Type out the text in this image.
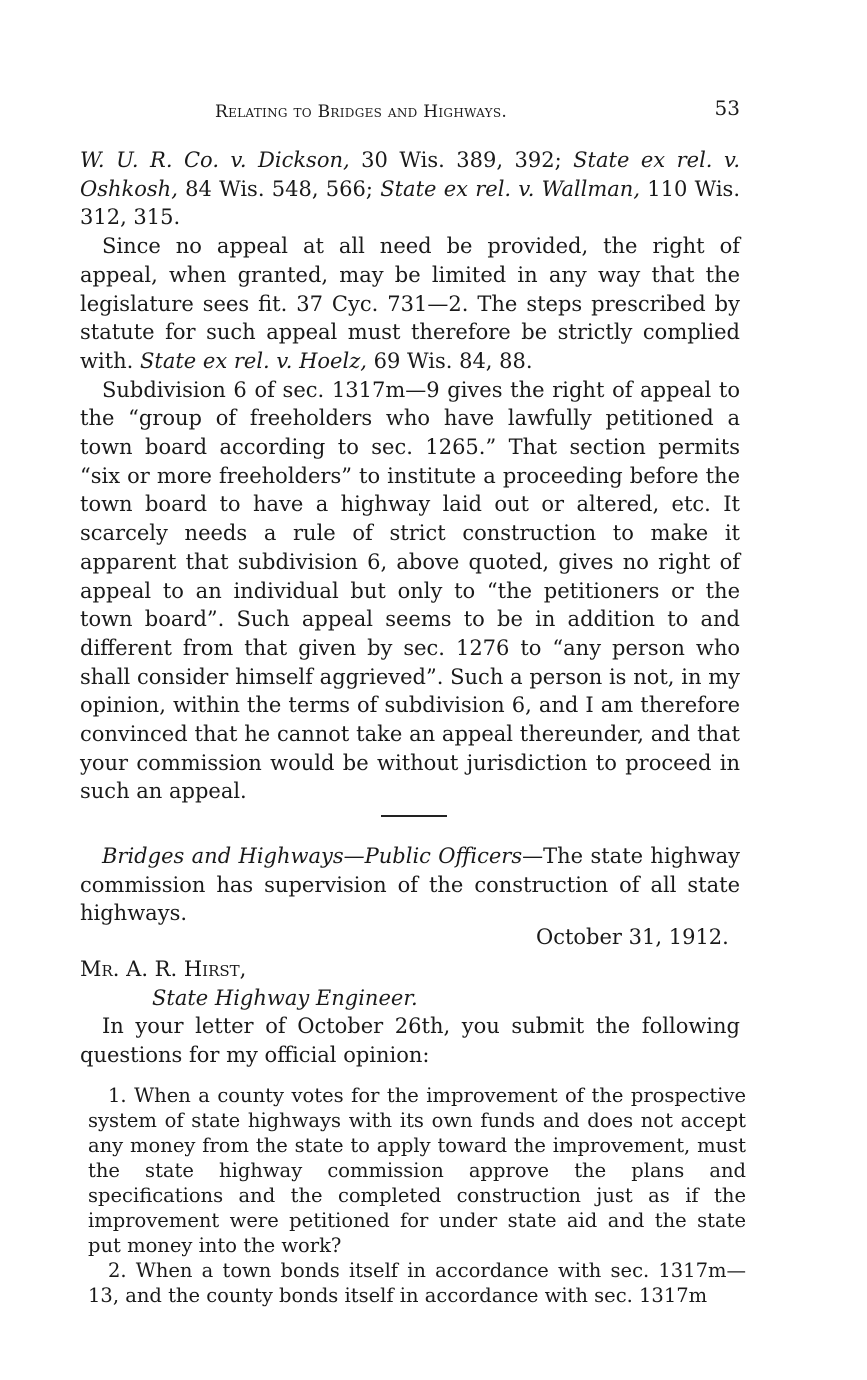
Relating to Bridges and Highways.	53

W. U. R. Co. v. Dickson, 30 Wis. 389, 392; State ex rel. v. Oshkosh, 84 Wis. 548, 566; State ex rel. v. Wallman, 110 Wis. 312, 315.

Since no appeal at all need be provided, the right of appeal, when granted, may be limited in any way that the legislature sees fit. 37 Cyc. 731—2. The steps prescribed by statute for such appeal must therefore be strictly complied with. State ex rel. v. Hoelz, 69 Wis. 84, 88.

Subdivision 6 of sec. 1317m—9 gives the right of appeal to the “group of freeholders who have lawfully petitioned a town board according to sec. 1265.” That section permits “six or more freeholders” to institute a proceeding before the town board to have a highway laid out or altered, etc. It scarcely needs a rule of strict construction to make it apparent that subdivision 6, above quoted, gives no right of appeal to an individual but only to “the petitioners or the town board”. Such appeal seems to be in addition to and different from that given by sec. 1276 to “any person who shall consider himself aggrieved”. Such a person is not, in my opinion, within the terms of subdivision 6, and I am therefore convinced that he cannot take an appeal thereunder, and that your commission would be without jurisdiction to proceed in such an appeal.

Bridges and Highways—Public Officers—The state highway commission has supervision of the construction of all state highways.

October 31, 1912.

Mr. A. R. Hirst,

State Highway Engineer.

In your letter of October 26th, you submit the following questions for my official opinion:

1. When a county votes for the improvement of the prospective system of state highways with its own funds and does not accept any money from the state to apply toward the improvement, must the state highway commission approve the plans and specifications and the completed construction just as if the improvement were petitioned for under state aid and the state put money into the work?

2. When a town bonds itself in accordance with sec. 1317m—13, and the county bonds itself in accordance with sec. 1317m
